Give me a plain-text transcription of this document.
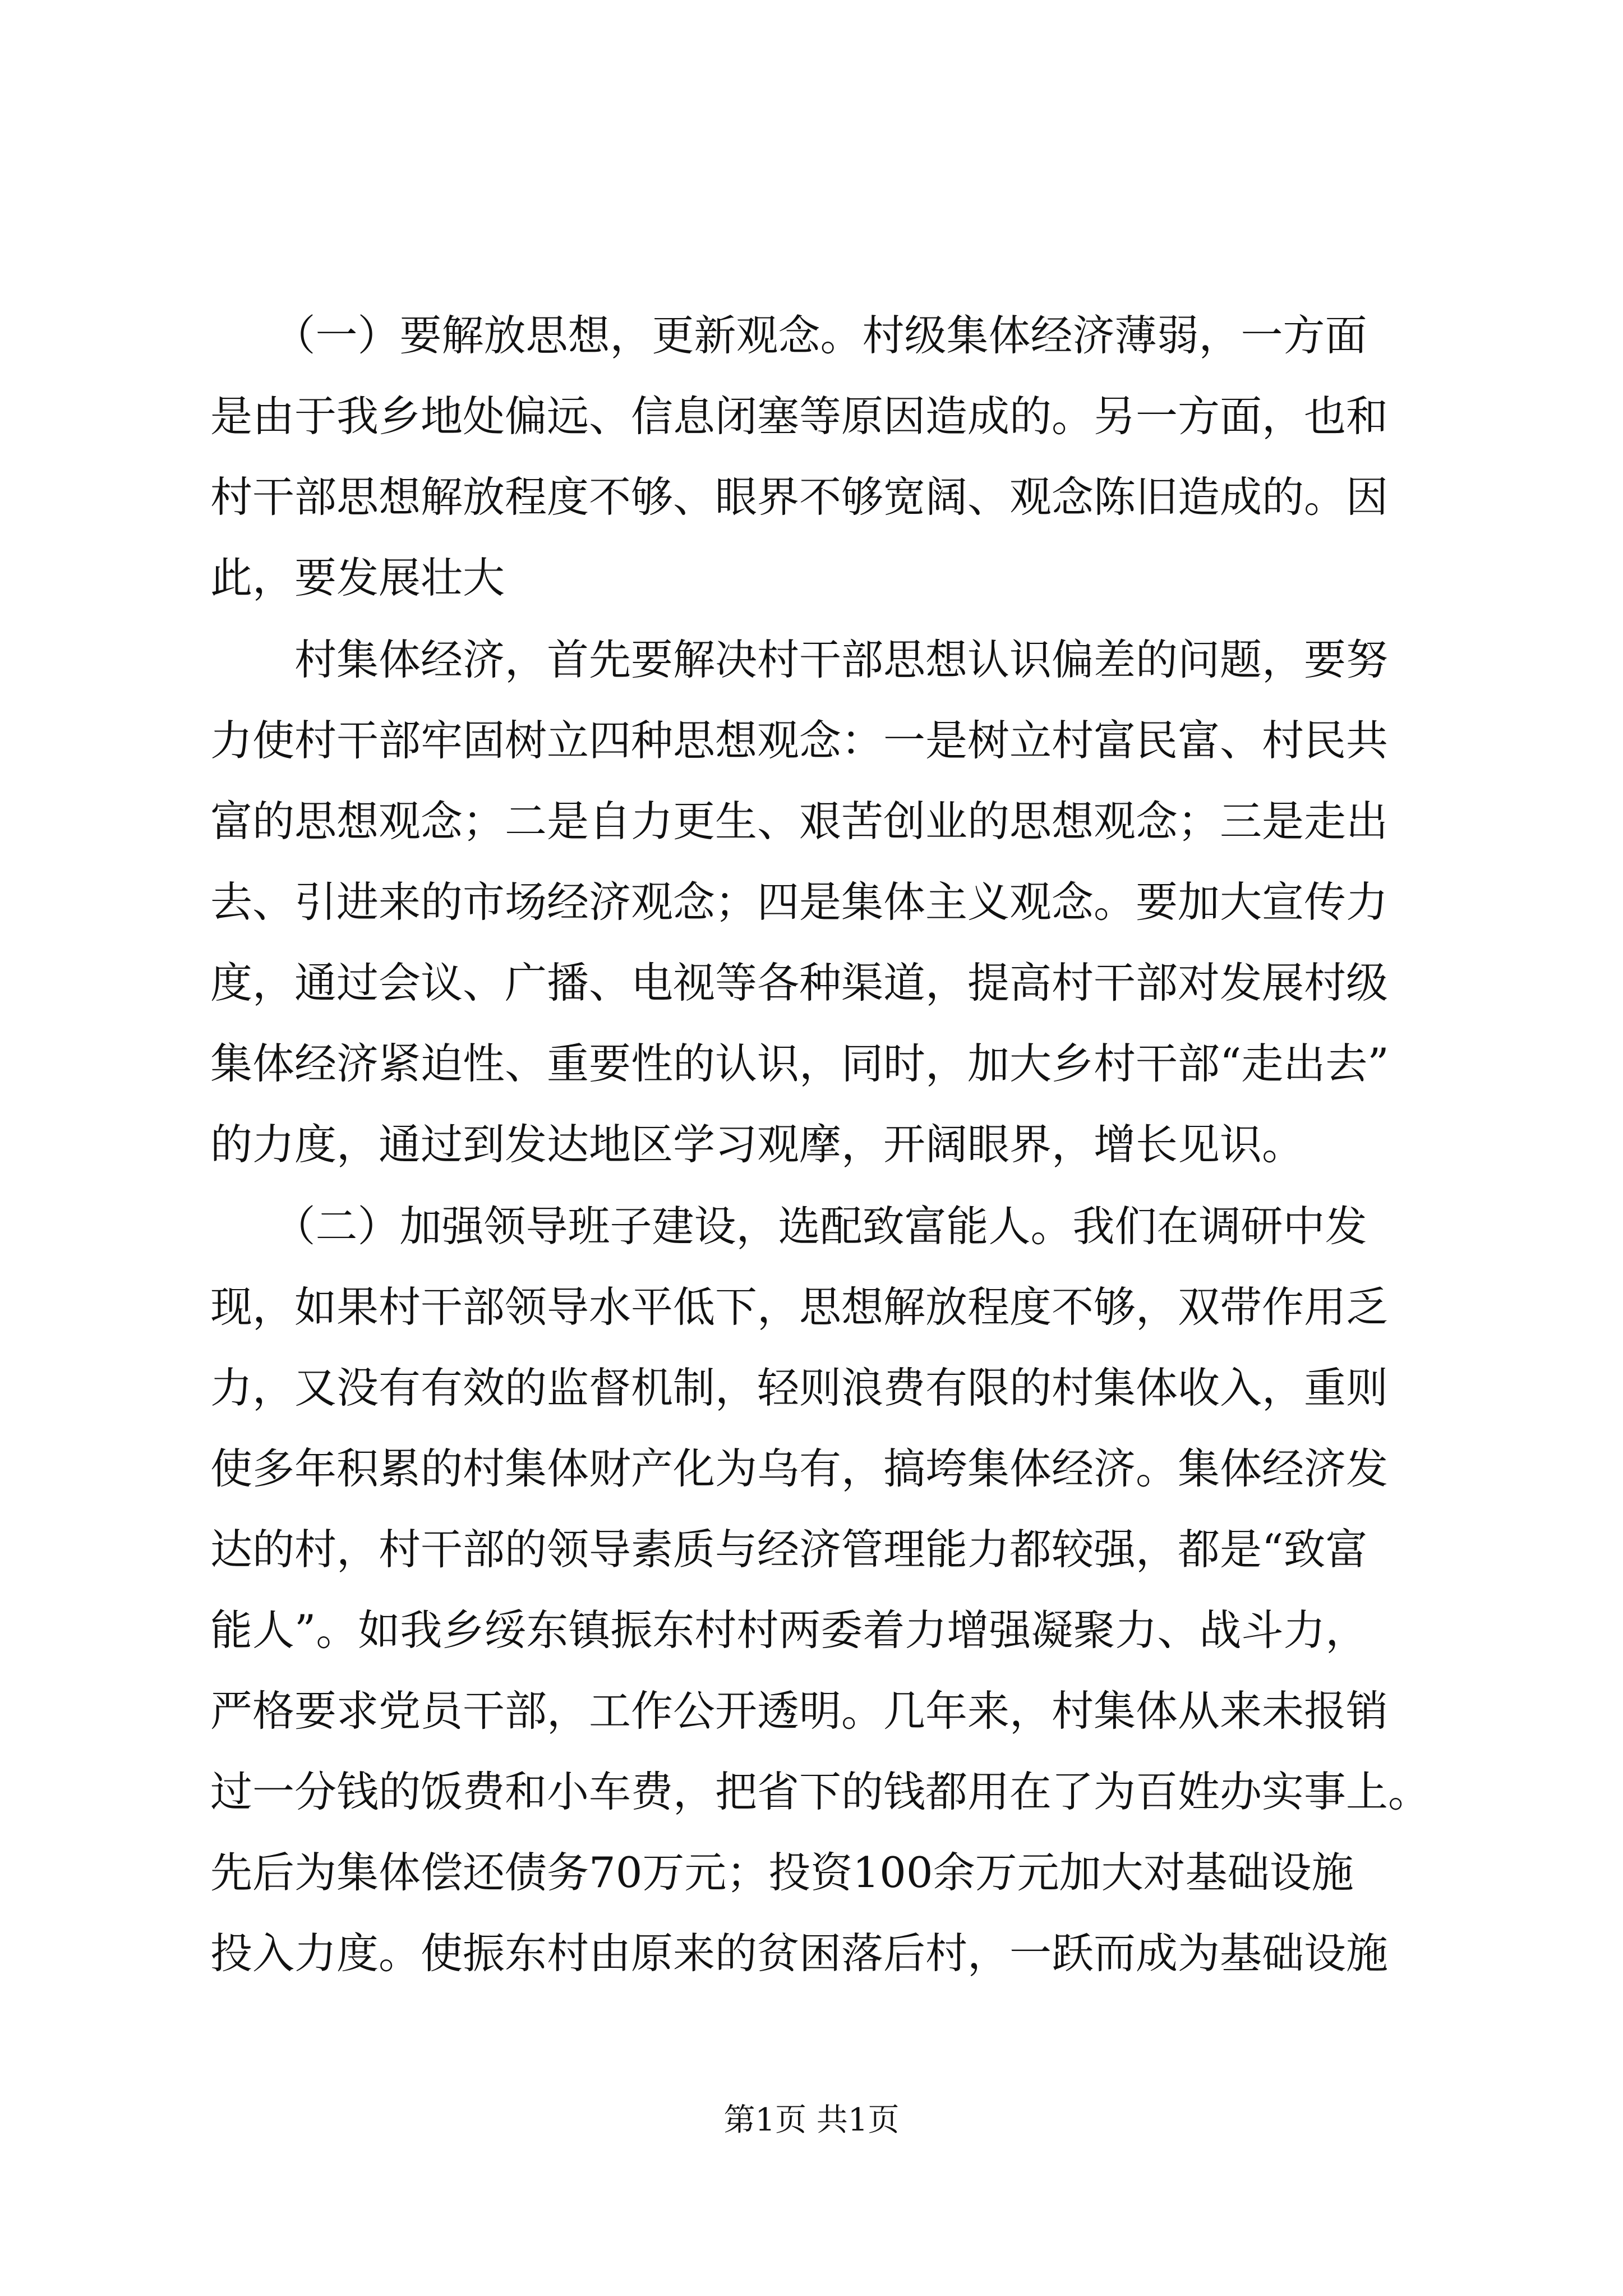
　　（一）要解放思想，更新观念。村级集体经济薄弱，一方面
是由于我乡地处偏远、信息闭塞等原因造成的。另一方面，也和
村干部思想解放程度不够、眼界不够宽阔、观念陈旧造成的。因
此，要发展壮大
　　村集体经济，首先要解决村干部思想认识偏差的问题，要努
力使村干部牢固树立四种思想观念：一是树立村富民富、村民共
富的思想观念；二是自力更生、艰苦创业的思想观念；三是走出
去、引进来的市场经济观念；四是集体主义观念。要加大宣传力
度，通过会议、广播、电视等各种渠道，提高村干部对发展村级
集体经济紧迫性、重要性的认识，同时，加大乡村干部“走出去”
的力度，通过到发达地区学习观摩，开阔眼界，增长见识。
　　（二）加强领导班子建设，选配致富能人。我们在调研中发
现，如果村干部领导水平低下，思想解放程度不够，双带作用乏
力，又没有有效的监督机制，轻则浪费有限的村集体收入，重则
使多年积累的村集体财产化为乌有，搞垮集体经济。集体经济发
达的村，村干部的领导素质与经济管理能力都较强，都是“致富
能人”。如我乡绥东镇振东村村两委着力增强凝聚力、战斗力，
严格要求党员干部，工作公开透明。几年来，村集体从来未报销
过一分钱的饭费和小车费，把省下的钱都用在了为百姓办实事上。
先后为集体偿还债务70万元；投资100余万元加大对基础设施
投入力度。使振东村由原来的贫困落后村，一跃而成为基础设施
第1页 共1页
